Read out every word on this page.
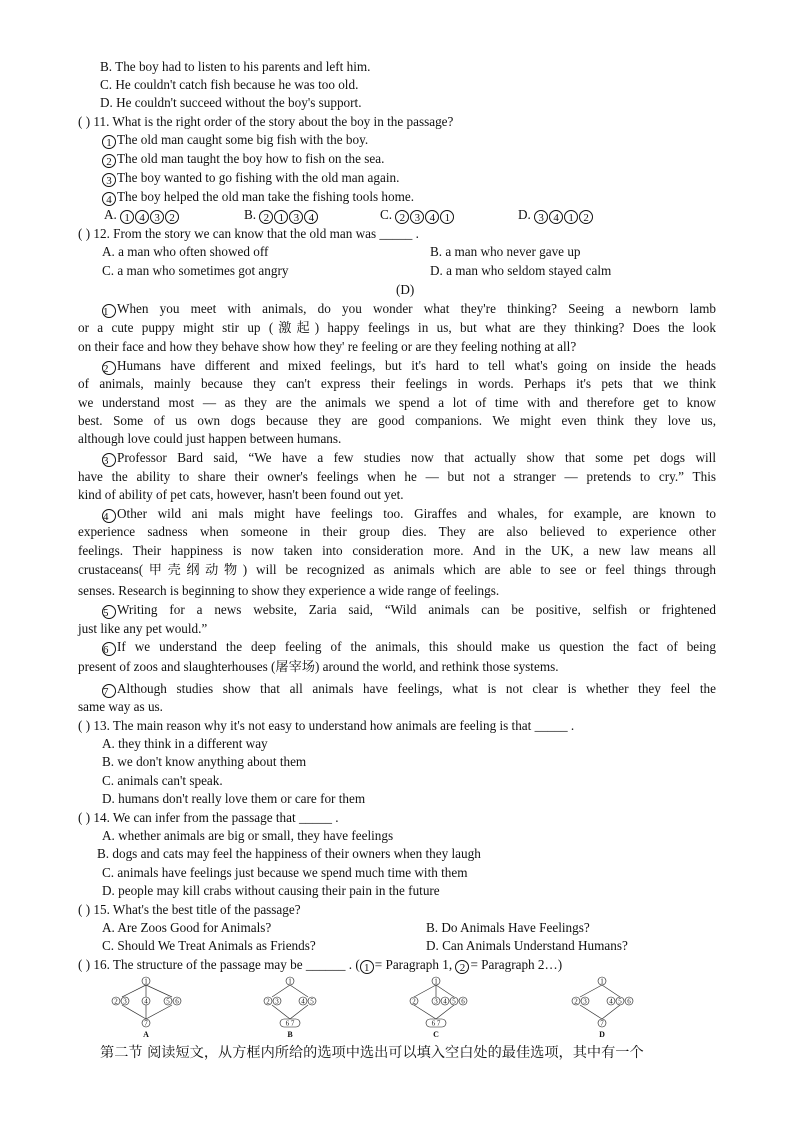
B. The boy had to listen to his parents and left him.
C. He couldn't catch fish because he was too old.
D. He couldn't succeed without the boy's support.
( ) 11. What is the right order of the story about the boy in the passage?
1 The old man caught some big fish with the boy.
2 The old man taught the boy how to fish on the sea.
3 The boy wanted to go fishing with the old man again.
4 The boy helped the old man take the fishing tools home.
A. 1 4 3 2	B. 2 1 3 4	C. 2 3 4 1	D. 3 4 1 2
( ) 12. From the story we can know that the old man was _____ .
A. a man who often showed off	B. a man who never gave up
C. a man who sometimes got angry	D. a man who seldom stayed calm
(D)
1 When you meet with animals, do you wonder what they're thinking? Seeing a newborn lamb
or a cute puppy might stir up (激起) happy feelings in us, but what are they thinking? Does the look
on their face and how they behave show how they' re feeling or are they feeling nothing at all?
2 Humans have different and mixed feelings, but it's hard to tell what's going on inside the heads
of animals, mainly because they can't express their feelings in words. Perhaps it's pets that we think
we understand most — as they are the animals we spend a lot of time with and therefore get to know
best. Some of us own dogs because they are good companions. We might even think they love us,
although love could just happen between humans.
3 Professor Bard said, “We have a few studies now that actually show that some pet dogs will
have the ability to share their owner's feelings when he — but not a stranger — pretends to cry.” This
kind of ability of pet cats, however, hasn't been found out yet.
4 Other wild ani mals might have feelings too. Giraffes and whales, for example, are known to
experience sadness when someone in their group dies. They are also believed to experience other
feelings. Their happiness is now taken into consideration more. And in the UK, a new law means all
crustaceans(甲壳纲动物) will be recognized as animals which are able to see or feel things through
senses. Research is beginning to show they experience a wide range of feelings.
5 Writing for a news website, Zaria said, “Wild animals can be positive, selfish or frightened
just like any pet would.”
6 If we understand the deep feeling of the animals, this should make us question the fact of being
present of zoos and slaughterhouses (屠宰场) around the world, and rethink those systems.
7 Although studies show that all animals have feelings, what is not clear is whether they feel the
same way as us.
( ) 13. The main reason why it's not easy to understand how animals are feeling is that _____ .
A. they think in a different way
B. we don't know anything about them
C. animals can't speak.
D. humans don't really love them or care for them
( ) 14. We can infer from the passage that _____ .
A. whether animals are big or small, they have feelings
B. dogs and cats may feel the happiness of their owners when they laugh
C. animals have feelings just because we spend much time with them
D. people may kill crabs without causing their pain in the future
( ) 15. What's the best title of the passage?
A. Are Zoos Good for Animals?	B. Do Animals Have Feelings?
C. Should We Treat Animals as Friends?	D. Can Animals Understand Humans?
( ) 16. The structure of the passage may be ______ . ( 1 = Paragraph 1, 2 = Paragraph 2…)
1
2 3	4	5 6
7
A
1
2 3	4 5
6 7
B
1
2	3 4 5 6
6 7
C
1
2 3	4 5 6
7
D
第二节 阅读短文，从方框内所给的选项中选出可以填入空白处的最佳选项，其中有一个
